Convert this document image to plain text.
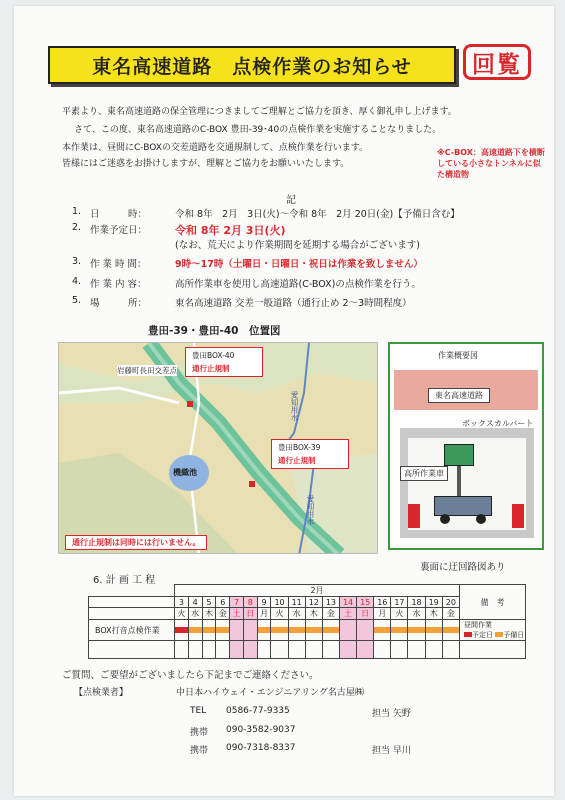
東名高速道路　点検作業のお知らせ	回覧
平素より、東名高速道路の保全管理につきましてご理解とご協力を頂き、厚く御礼申し上げます。
さて、この度、東名高速道路のC-BOX 豊田-39･40の点検作業を実施することなりました。
本作業は、昼間にC-BOXの交差道路を交通規制して、点検作業を行います。
皆様にはご迷惑をお掛けしますが、理解とご協力をお願いいたします。
※C-BOX：高速道路下を横断している小さなトンネルに似た構造物
記
1. 日　　　時：	令和 8年　2月　3日(火)～令和 8年　2月 20日(金)【予備日含む】
2. 作業予定日：	令和 8年 2月 3日(火)
(なお、荒天により作業期間を延期する場合がございます)
3. 作 業 時 間：	9時～17時（土曜日・日曜日・祝日は作業を致しません）
4. 作 業 内 容：	高所作業車を使用し高速道路(C-BOX)の点検作業を行う。
5. 場　　　所：	東名高速道路 交差一般道路（通行止め 2～3時間程度）
豊田-39・豊田-40　位置図
岩藤町長田交差点
豊田BOX-40
通行止規制
豊田BOX-39
通行止規制
機織池
愛知用水
愛知用水
通行止規制は同時には行いません。
作業概要図
東名高速道路
ボックスカルバート
高所作業車
裏面に迂回路図あり
6. 計 画 工 程
	2月																		備　考
	3	4	5	6	7	8	9	10	11	12	13	14	15	16	17	18	19	20	
	火	水	木	金	土	日	月	火	水	木	金	土	日	月	火	水	木	金	
BOX打音点検作業																			昼間作業
予定日 予備日

ご質問、ご要望がございましたら下記までご連絡ください。
【点検業者】	中日本ハイウェイ・エンジニアリング名古屋㈱
TEL 0586-77-9335	担当 矢野
携帯 090-3582-9037
携帯 090-7318-8337	担当 早川
